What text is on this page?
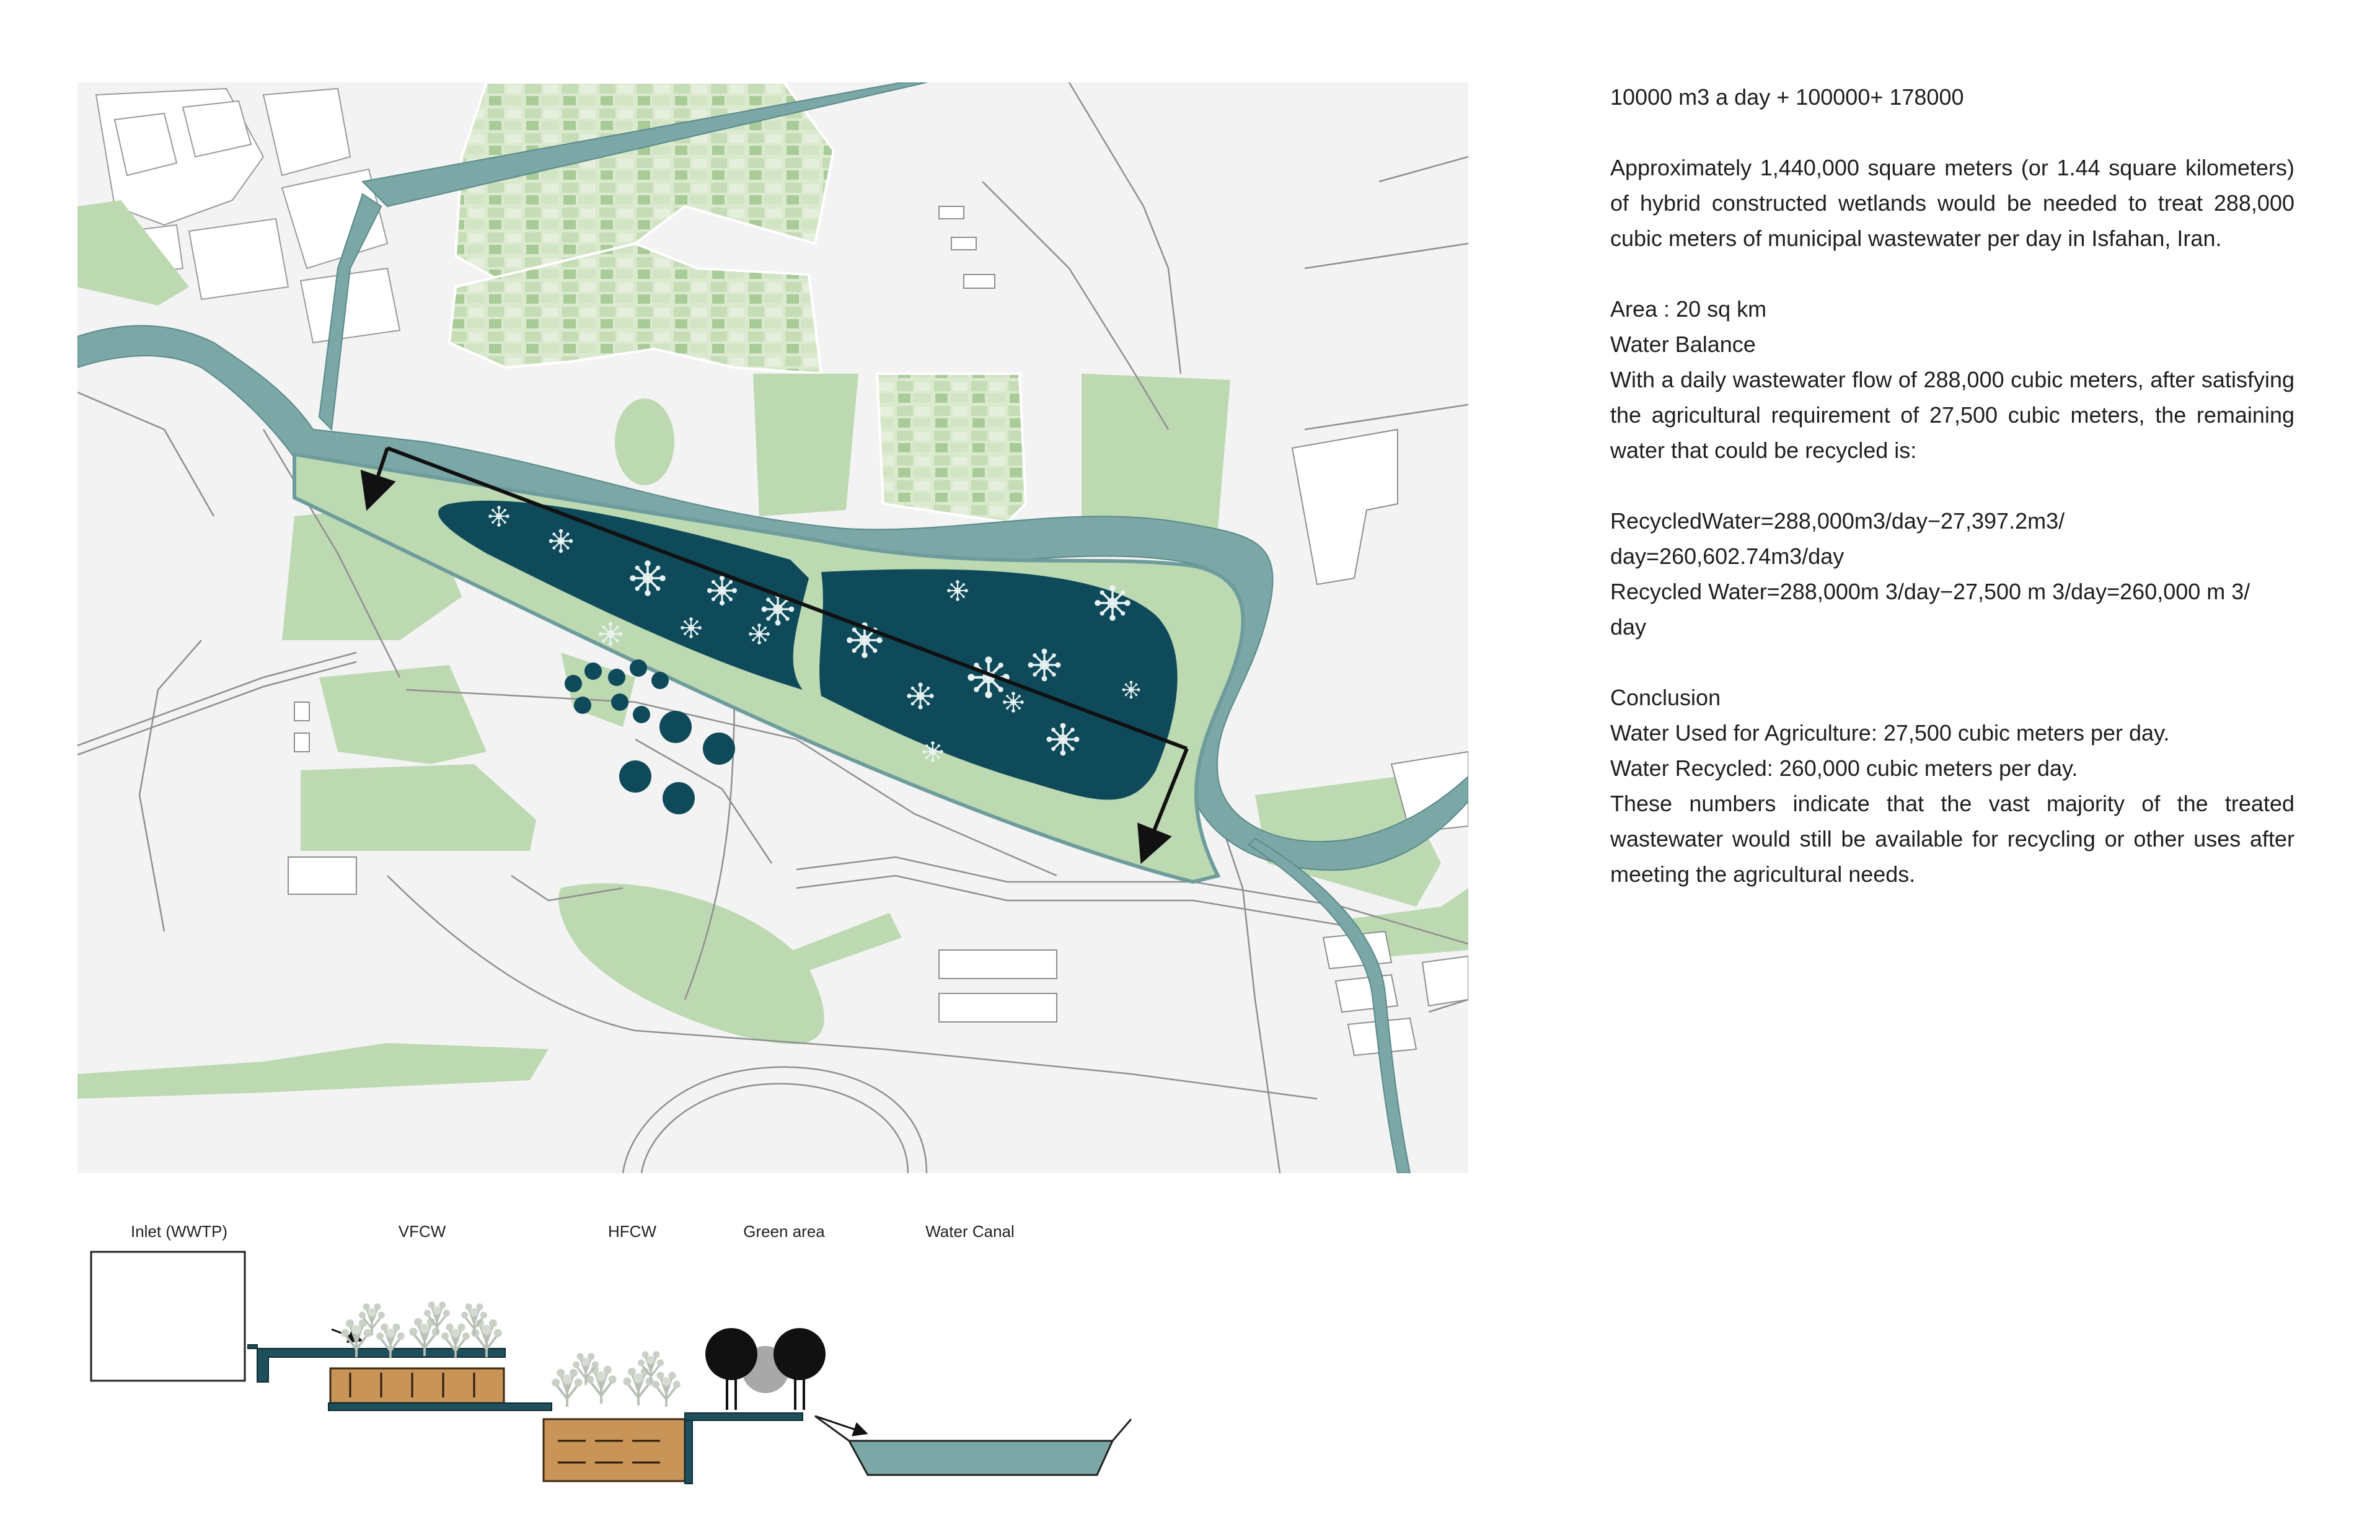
10000 m3 a day + 100000+ 178000

Approximately 1,440,000 square meters (or 1.44 square kilometers) of hybrid constructed wetlands would be needed to treat 288,000 cubic meters of municipal wastewater per day in Isfahan, Iran.

Area : 20 sq km
Water Balance
With a daily wastewater flow of 288,000 cubic meters, after satisfying the agricultural requirement of 27,500 cubic meters, the remaining water that could be recycled is:

RecycledWater=288,000m3/day−27,397.2m3/
day=260,602.74m3/day
Recycled Water=288,000m 3/day−27,500 m 3/day=260,000 m 3/
day

Conclusion
Water Used for Agriculture: 27,500 cubic meters per day.
Water Recycled: 260,000 cubic meters per day.
These numbers indicate that the vast majority of the treated wastewater would still be available for recycling or other uses after meeting the agricultural needs.

Inlet (WWTP)	VFCW	HFCW	Green area	Water Canal
